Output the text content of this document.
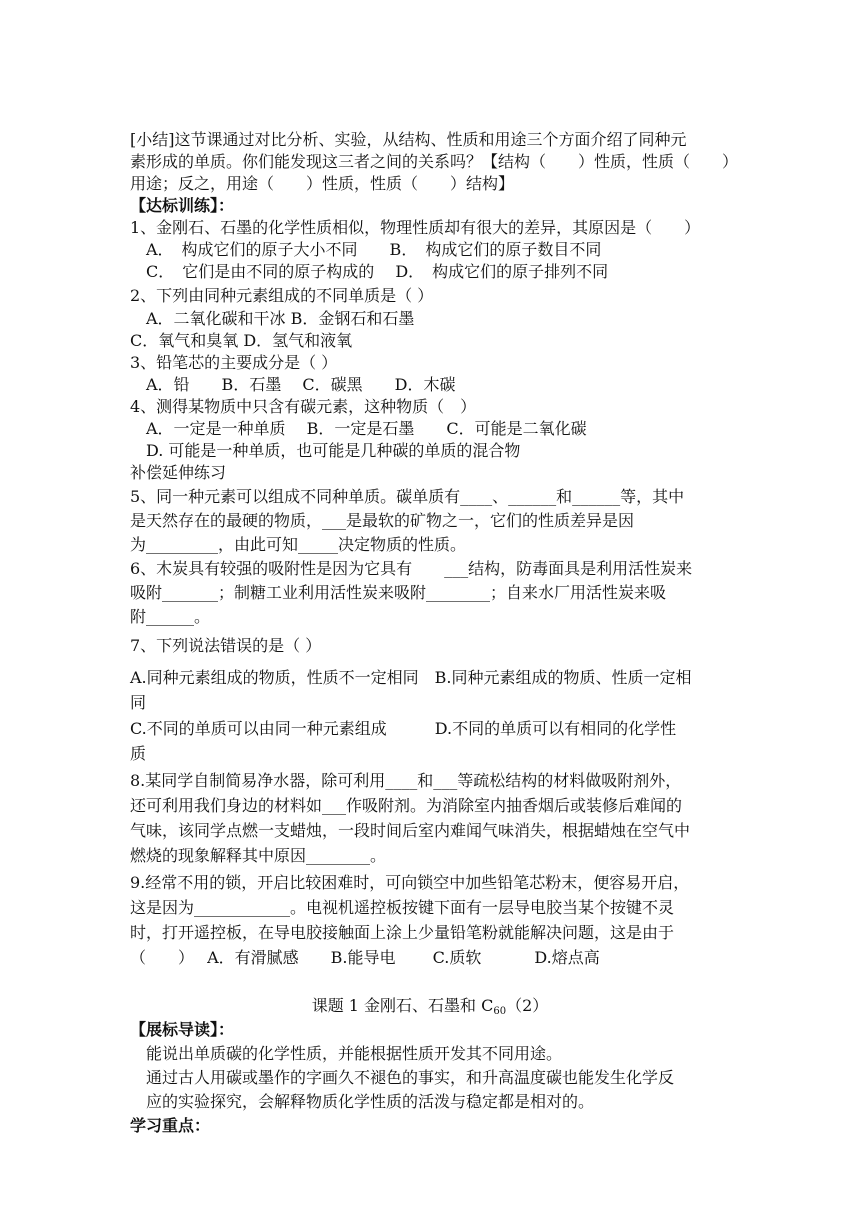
[小结]这节课通过对比分析、实验，从结构、性质和用途三个方面介绍了同种元
素形成的单质。你们能发现这三者之间的关系吗？【结构（　　）性质，性质（　　）
用途；反之，用途（　　）性质，性质（　　）结构】
【达标训练】：
1、金刚石、石墨的化学性质相似，物理性质却有很大的差异，其原因是（　　）
　A．　构成它们的原子大小不同　　B．　构成它们的原子数目不同
　C．　它们是由不同的原子构成的　 D．　构成它们的原子排列不同
2、下列由同种元素组成的不同单质是（ ）
　A．二氧化碳和干冰 B．金钢石和石墨
C．氧气和臭氧 D．氢气和液氧
3、铅笔芯的主要成分是（ ）
　A．铅　　B．石墨　 C．碳黑　　D．木碳
4、测得某物质中只含有碳元素，这种物质（　）
　A．一定是一种单质　 B．一定是石墨　　C．可能是二氧化碳
　D. 可能是一种单质，也可能是几种碳的单质的混合物
补偿延伸练习
5、同一种元素可以组成不同种单质。碳单质有____、______和______等，其中
是天然存在的最硬的物质，___是最软的矿物之一，它们的性质差异是因
为_________，由此可知_____决定物质的性质。
6、木炭具有较强的吸附性是因为它具有　　___结构，防毒面具是利用活性炭来
吸附_______；制糖工业利用活性炭来吸附________；自来水厂用活性炭来吸
附______。
7、下列说法错误的是（ ）
A.同种元素组成的物质，性质不一定相同　B.同种元素组成的物质、性质一定相
同
C.不同的单质可以由同一种元素组成　　　D.不同的单质可以有相同的化学性
质
8.某同学自制简易净水器，除可利用____和___等疏松结构的材料做吸附剂外，
还可利用我们身边的材料如___作吸附剂。为消除室内抽香烟后或装修后难闻的
气味，该同学点燃一支蜡烛，一段时间后室内难闻气味消失，根据蜡烛在空气中
燃烧的现象解释其中原因________。
9.经常不用的锁，开启比较困难时，可向锁空中加些铅笔芯粉末，便容易开启，
这是因为____________。电视机遥控板按键下面有一层导电胶当某个按键不灵
时，打开遥控板，在导电胶接触面上涂上少量铅笔粉就能解决问题，这是由于
（　　）　 A．有滑腻感　　B.能导电　　 C.质软　　　 D.熔点高
课题 1 金刚石、石墨和 $C_{60}(2)$
【展标导读】：
能说出单质碳的化学性质，并能根据性质开发其不同用途。
通过古人用碳或墨作的字画久不褪色的事实，和升高温度碳也能发生化学反
应的实验探究，会解释物质化学性质的活泼与稳定都是相对的。
学习重点：
